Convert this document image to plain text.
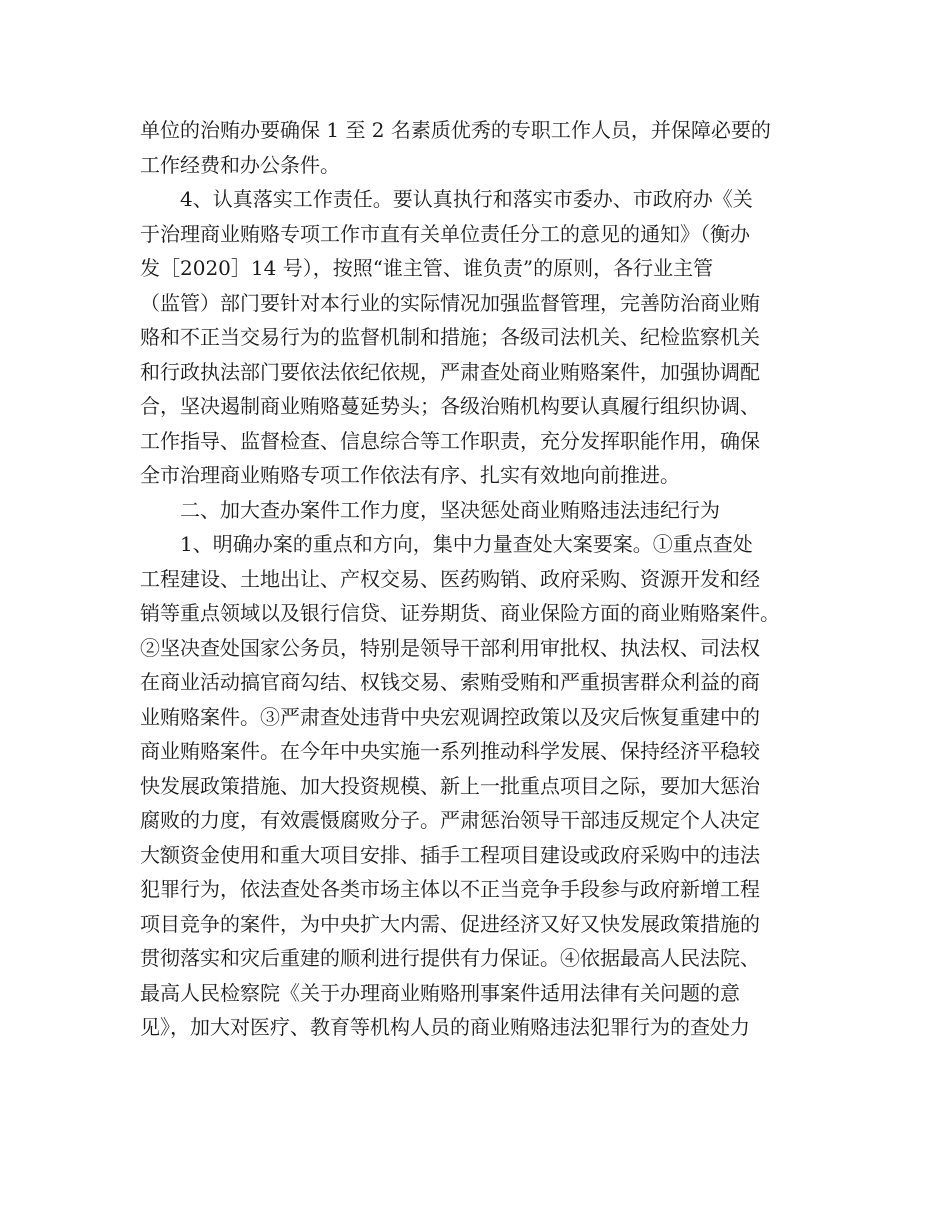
单位的治贿办要确保 1 至 2 名素质优秀的专职工作人员，并保障必要的
工作经费和办公条件。
　　4、认真落实工作责任。要认真执行和落实市委办、市政府办《关
于治理商业贿赂专项工作市直有关单位责任分工的意见的通知》（衡办
发［2020］14 号），按照“谁主管、谁负责”的原则，各行业主管
（监管）部门要针对本行业的实际情况加强监督管理，完善防治商业贿
赂和不正当交易行为的监督机制和措施；各级司法机关、纪检监察机关
和行政执法部门要依法依纪依规，严肃查处商业贿赂案件，加强协调配
合，坚决遏制商业贿赂蔓延势头；各级治贿机构要认真履行组织协调、
工作指导、监督检查、信息综合等工作职责，充分发挥职能作用，确保
全市治理商业贿赂专项工作依法有序、扎实有效地向前推进。
　　二、加大查办案件工作力度，坚决惩处商业贿赂违法违纪行为
　　1、明确办案的重点和方向，集中力量查处大案要案。①重点查处
工程建设、土地出让、产权交易、医药购销、政府采购、资源开发和经
销等重点领域以及银行信贷、证券期货、商业保险方面的商业贿赂案件。
②坚决查处国家公务员，特别是领导干部利用审批权、执法权、司法权
在商业活动搞官商勾结、权钱交易、索贿受贿和严重损害群众利益的商
业贿赂案件。③严肃查处违背中央宏观调控政策以及灾后恢复重建中的
商业贿赂案件。在今年中央实施一系列推动科学发展、保持经济平稳较
快发展政策措施、加大投资规模、新上一批重点项目之际，要加大惩治
腐败的力度，有效震慑腐败分子。严肃惩治领导干部违反规定个人决定
大额资金使用和重大项目安排、插手工程项目建设或政府采购中的违法
犯罪行为，依法查处各类市场主体以不正当竞争手段参与政府新增工程
项目竞争的案件，为中央扩大内需、促进经济又好又快发展政策措施的
贯彻落实和灾后重建的顺利进行提供有力保证。④依据最高人民法院、
最高人民检察院《关于办理商业贿赂刑事案件适用法律有关问题的意
见》，加大对医疗、教育等机构人员的商业贿赂违法犯罪行为的查处力
